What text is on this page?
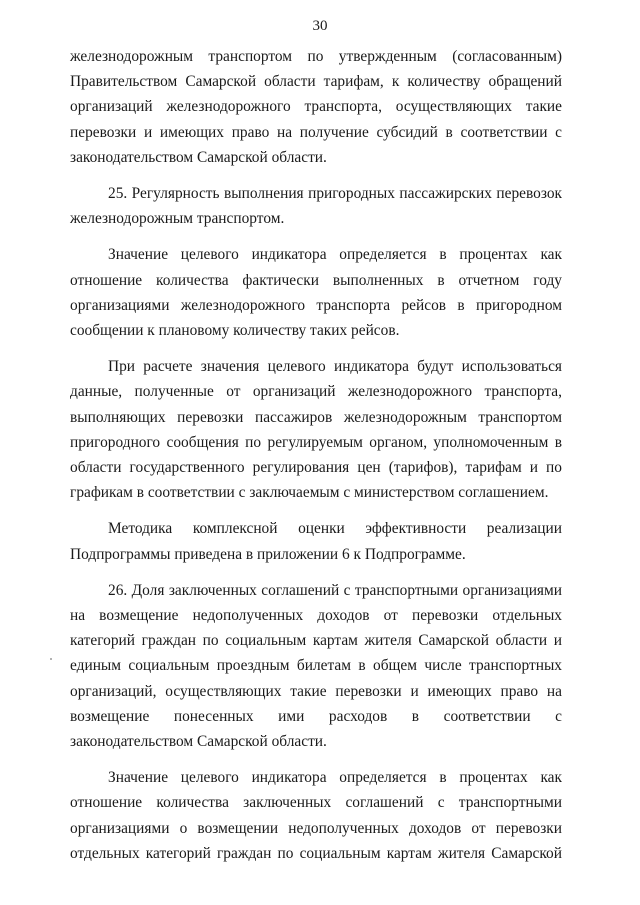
30

железнодорожным транспортом по утвержденным (согласованным) Правительством Самарской области тарифам, к количеству обращений организаций железнодорожного транспорта, осуществляющих такие перевозки и имеющих право на получение субсидий в соответствии с законодательством Самарской области.

25. Регулярность выполнения пригородных пассажирских перевозок железнодорожным транспортом.

Значение целевого индикатора определяется в процентах как отношение количества фактически выполненных в отчетном году организациями железнодорожного транспорта рейсов в пригородном сообщении к плановому количеству таких рейсов.

При расчете значения целевого индикатора будут использоваться данные, полученные от организаций железнодорожного транспорта, выполняющих перевозки пассажиров железнодорожным транспортом пригородного сообщения по регулируемым органом, уполномоченным в области государственного регулирования цен (тарифов), тарифам и по графикам в соответствии с заключаемым с министерством соглашением.

Методика комплексной оценки эффективности реализации Подпрограммы приведена в приложении 6 к Подпрограмме.

26. Доля заключенных соглашений с транспортными организациями на возмещение недополученных доходов от перевозки отдельных категорий граждан по социальным картам жителя Самарской области и единым социальным проездным билетам в общем числе транспортных организаций, осуществляющих такие перевозки и имеющих право на возмещение понесенных ими расходов в соответствии с законодательством Самарской области.

Значение целевого индикатора определяется в процентах как отношение количества заключенных соглашений с транспортными организациями о возмещении недополученных доходов от перевозки отдельных категорий граждан по социальным картам жителя Самарской
